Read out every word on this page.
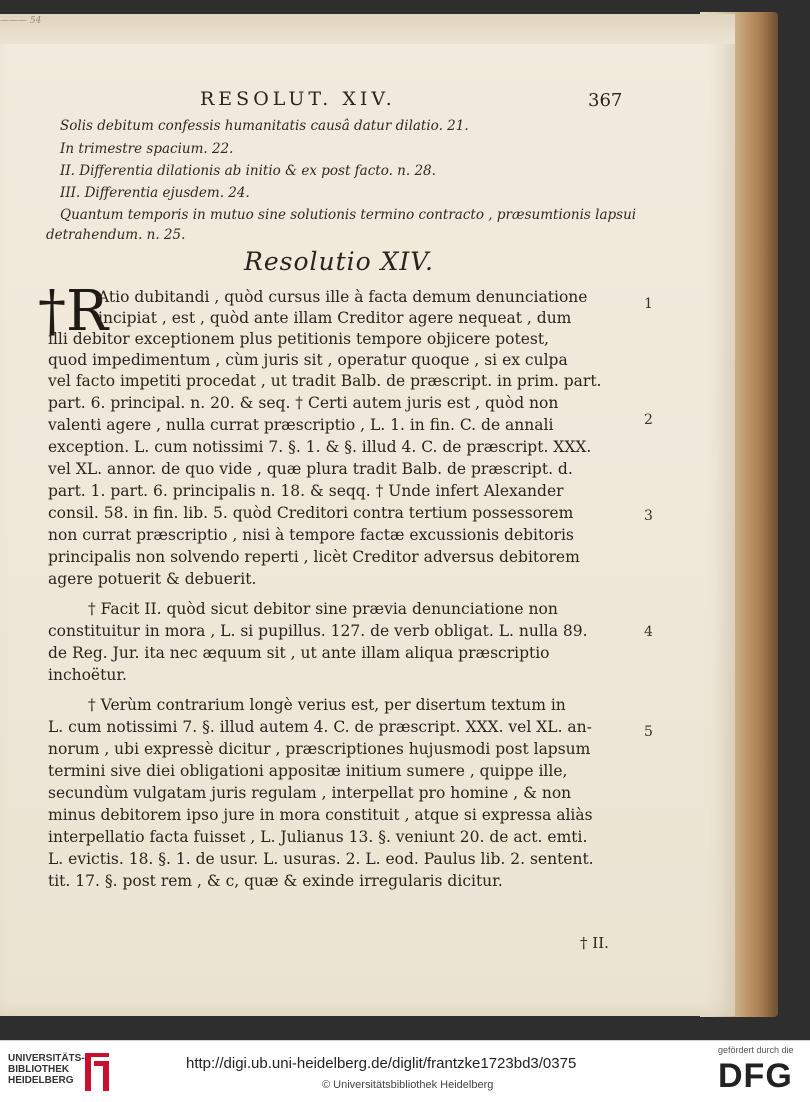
——— 54
RESOLUT. XIV.	367
Solis debitum confessis humanitatis causâ datur dilatio. 21.
In trimestre spacium. 22.
II. Differentia dilationis ab initio & ex post facto. n. 28.
III. Differentia ejusdem. 24.
Quantum temporis in mutuo sine solutionis termino contracto , præsumtionis lapsui
detrahendum. n. 25.
Resolutio XIV.
†R
Atio dubitandi , quòd cursus ille à facta demum denunciatione
incipiat , est , quòd ante illam Creditor agere nequeat , dum
illi debitor exceptionem plus petitionis tempore objicere potest,
quod impedimentum , cùm juris sit , operatur quoque , si ex culpa
vel facto impetiti procedat , ut tradit Balb. de præscript. in prim. part.
part. 6. principal. n. 20. & seq. † Certi autem juris est , quòd non
valenti agere , nulla currat præscriptio , L. 1. in fin. C. de annali
exception. L. cum notissimi 7. §. 1. & §. illud 4. C. de præscript. XXX.
vel XL. annor. de quo vide , quæ plura tradit Balb. de præscript. d.
part. 1. part. 6. principalis n. 18. & seqq. † Unde infert Alexander
consil. 58. in fin. lib. 5. quòd Creditori contra tertium possessorem
non currat præscriptio , nisi à tempore factæ excussionis debitoris
principalis non solvendo reperti , licèt Creditor adversus debitorem
agere potuerit & debuerit.
† Facit II. quòd sicut debitor sine prævia denunciatione non
constituitur in mora , L. si pupillus. 127. de verb obligat. L. nulla 89.
de Reg. Jur. ita nec æquum sit , ut ante illam aliqua præscriptio
inchoëtur.
† Verùm contrarium longè verius est, per disertum textum in
L. cum notissimi 7. §. illud autem 4. C. de præscript. XXX. vel XL. an-
norum , ubi expressè dicitur , præscriptiones hujusmodi post lapsum
termini sive diei obligationi appositæ initium sumere , quippe ille,
secundùm vulgatam juris regulam , interpellat pro homine , & non
minus debitorem ipso jure in mora constituit , atque si expressa aliàs
interpellatio facta fuisset , L. Julianus 13. §. veniunt 20. de act. emti.
L. evictis. 18. §. 1. de usur. L. usuras. 2. L. eod. Paulus lib. 2. sentent.
tit. 17. §. post rem , & c, quæ & exinde irregularis dicitur.
1
2
3
4
5
† II.
UNIVERSITÄTS-
BIBLIOTHEK
HEIDELBERG
http://digi.ub.uni-heidelberg.de/diglit/frantzke1723bd3/0375
© Universitätsbibliothek Heidelberg
gefördert durch die
DFG
